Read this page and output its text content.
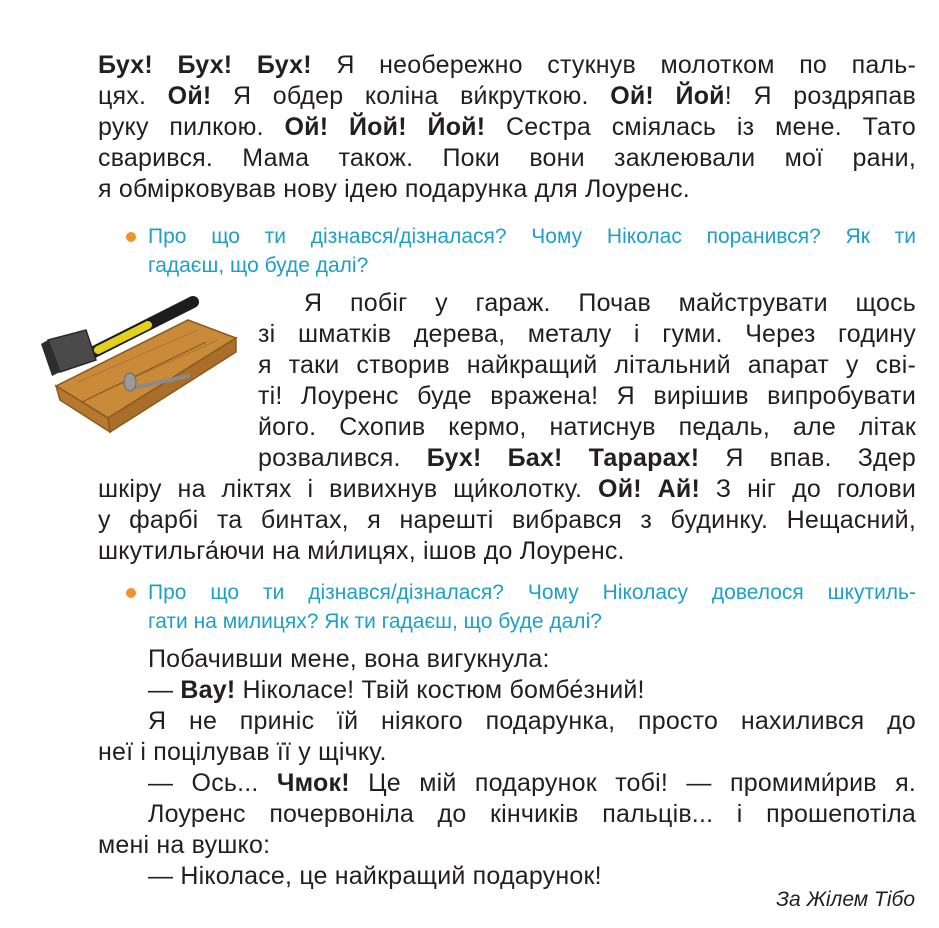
Бух! Бух! Бух! Я необережно стукнув молотком по паль-
цях. Ой! Я обдер коліна ви́круткою. Ой! Йой! Я роздряпав
руку пилкою. Ой! Йой! Йой! Сестра сміялась із мене. Тато
сварився. Мама також. Поки вони заклеювали мої рани,
я обмірковував нову ідею подарунка для Лоуренс.

Про що ти дізнався/дізналася? Чому Ніколас поранився? Як ти
гадаєш, що буде далі?

Я побіг у гараж. Почав майструвати щось
зі шматків дерева, металу і гуми. Через годину
я таки створив найкращий літальний апарат у сві-
ті! Лоуренс буде вражена! Я вирішив випробувати
його. Схопив кермо, натиснув педаль, але літак
розвалився. Бух! Бах! Тарарах! Я впав. Здер

шкіру на ліктях і вивихнув щи́колотку. Ой! Ай! З ніг до голови
у фарбі та бинтах, я нарешті вибрався з будинку. Нещасний,
шкутильга́ючи на ми́лицях, ішов до Лоуренс.

Про що ти дізнався/дізналася? Чому Ніколасу довелося шкутиль-
гати на милицях? Як ти гадаєш, що буде далі?

Побачивши мене, вона вигукнула:
— Вау! Ніколасе! Твій костюм бомбе́зний!
Я не приніс їй ніякого подарунка, просто нахилився до
неї і поцілував її у щічку.
— Ось... Чмок! Це мій подарунок тобі! — промими́рив я.
Лоуренс почервоніла до кінчиків пальців... і прошепотіла
мені на вушко:
— Ніколасе, це найкращий подарунок!

За Жілем Тібо
